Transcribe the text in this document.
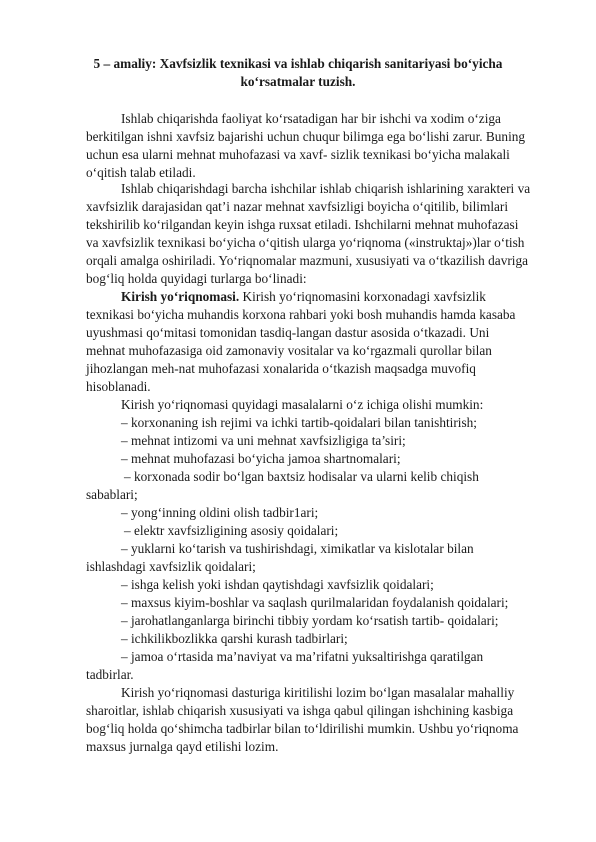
5 – amaliy: Xavfsizlik texnikasi va ishlab chiqarish sanitariyasi bo‘yicha
ko‘rsatmalar tuzish.
Ishlab chiqarishda faoliyat ko‘rsatadigan har bir ishchi va xodim o‘ziga
berkitilgan ishni xavfsiz bajarishi uchun chuqur bilimga ega bo‘lishi zarur. Buning
uchun esa ularni mehnat muhofazasi va xavf- sizlik texnikasi bo‘yicha malakali
o‘qitish talab etiladi.
Ishlab chiqarishdagi barcha ishchilar ishlab chiqarish ishlarining xarakteri va
xavfsizlik darajasidan qat’i nazar mehnat xavfsizligi boyicha o‘qitilib, bilimlari
tekshirilib ko‘rilgandan keyin ishga ruxsat etiladi. Ishchilarni mehnat muhofazasi
va xavfsizlik texnikasi bo‘yicha o‘qitish ularga yo‘riqnoma («instruktaj»)lar o‘tish
orqali amalga oshiriladi. Yo‘riqnomalar mazmuni, xususiyati va o‘tkazilish davriga
bog‘liq holda quyidagi turlarga bo‘linadi:
Kirish yo‘riqnomasi. Kirish yo‘riqnomasini korxonadagi xavfsizlik
texnikasi bo‘yicha muhandis korxona rahbari yoki bosh muhandis hamda kasaba
uyushmasi qo‘mitasi tomonidan tasdiq-langan dastur asosida o‘tkazadi. Uni
mehnat muhofazasiga oid zamonaviy vositalar va ko‘rgazmali qurollar bilan
jihozlangan meh-nat muhofazasi xonalarida o‘tkazish maqsadga muvofiq
hisoblanadi.
Kirish yo‘riqnomasi quyidagi masalalarni o‘z ichiga olishi mumkin:
– korxonaning ish rejimi va ichki tartib-qoidalari bilan tanishtirish;
– mehnat intizomi va uni mehnat xavfsizligiga ta’siri;
– mehnat muhofazasi bo‘yicha jamoa shartnomalari;
– korxonada sodir bo‘lgan baxtsiz hodisalar va ularni kelib chiqish
sabablari;
– yong‘inning oldini olish tadbir1ari;
– elektr xavfsizligining asosiy qoidalari;
– yuklarni ko‘tarish va tushirishdagi, ximikatlar va kislotalar bilan
ishlashdagi xavfsizlik qoidalari;
– ishga kelish yoki ishdan qaytishdagi xavfsizlik qoidalari;
– maxsus kiyim-boshlar va saqlash qurilmalaridan foydalanish qoidalari;
– jarohatlanganlarga birinchi tibbiy yordam ko‘rsatish tartib- qoidalari;
– ichkilikbozlikka qarshi kurash tadbirlari;
– jamoa o‘rtasida ma’naviyat va ma’rifatni yuksaltirishga qaratilgan
tadbirlar.
Kirish yo‘riqnomasi dasturiga kiritilishi lozim bo‘lgan masalalar mahalliy
sharoitlar, ishlab chiqarish xususiyati va ishga qabul qilingan ishchining kasbiga
bog‘liq holda qo‘shimcha tadbirlar bilan to‘ldirilishi mumkin. Ushbu yo‘riqnoma
maxsus jurnalga qayd etilishi lozim.
